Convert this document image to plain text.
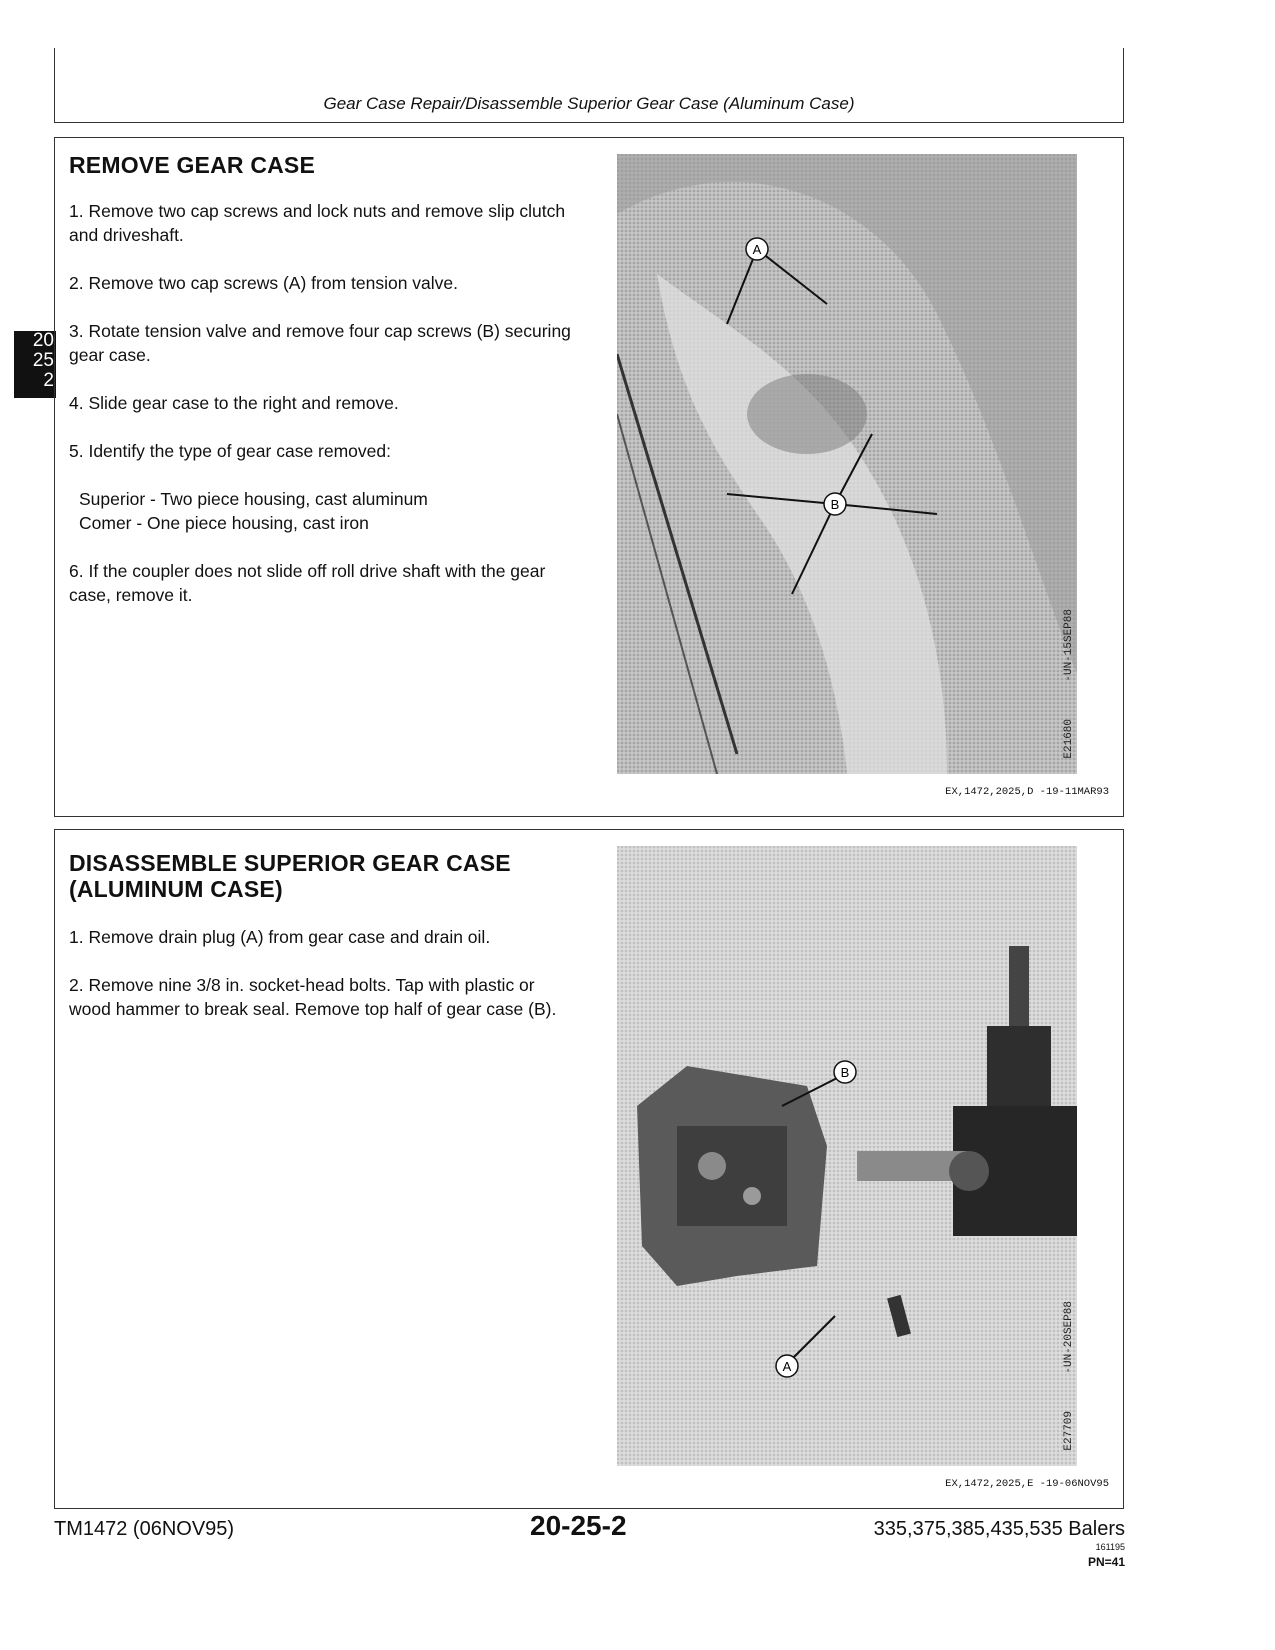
Gear Case Repair/Disassemble Superior Gear Case (Aluminum Case)
20
25
2
REMOVE GEAR CASE

1. Remove two cap screws and lock nuts and remove slip clutch and driveshaft.

2. Remove two cap screws (A) from tension valve.

3. Rotate tension valve and remove four cap screws (B) securing gear case.

4. Slide gear case to the right and remove.

5. Identify the type of gear case removed:

Superior - Two piece housing, cast aluminum
Comer - One piece housing, cast iron

6. If the coupler does not slide off roll drive shaft with the gear case, remove it.

A
B
-UN-15SEP88
E21680
EX,1472,2025,D -19-11MAR93
DISASSEMBLE SUPERIOR GEAR CASE (ALUMINUM CASE)

1. Remove drain plug (A) from gear case and drain oil.

2. Remove nine 3/8 in. socket-head bolts. Tap with plastic or wood hammer to break seal. Remove top half of gear case (B).

B
A	-UN-20SEP88
E27709
EX,1472,2025,E -19-06NOV95
TM1472 (06NOV95)	20-25-2	335,375,385,435,535 Balers
161195
PN=41
